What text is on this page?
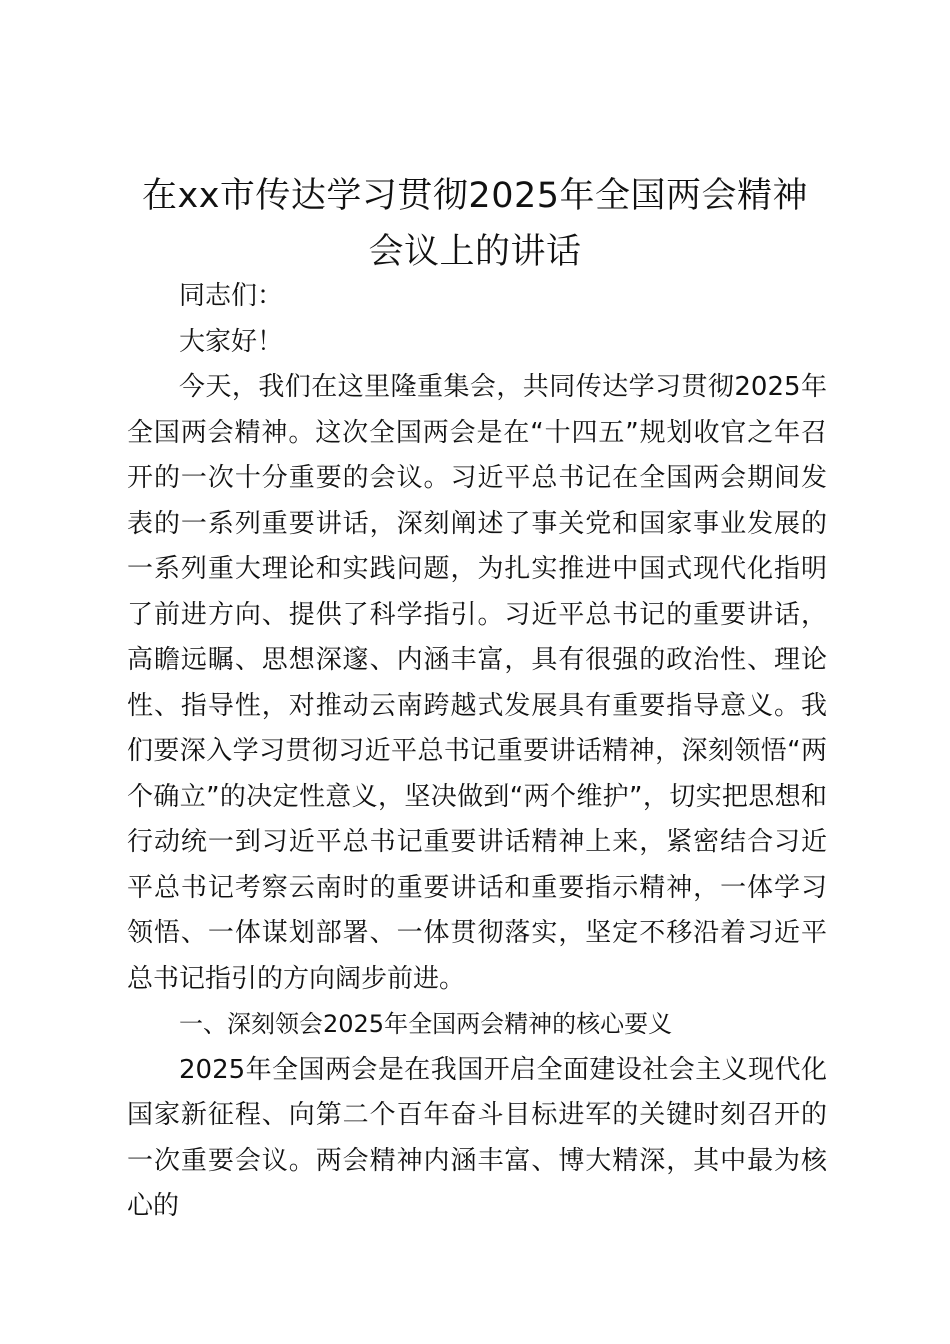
在xx市传达学习贯彻2025年全国两会精神
会议上的讲话

同志们：

大家好！

今天，我们在这里隆重集会，共同传达学习贯彻2025年全国两会精神。这次全国两会是在“十四五”规划收官之年召开的一次十分重要的会议。习近平总书记在全国两会期间发表的一系列重要讲话，深刻阐述了事关党和国家事业发展的一系列重大理论和实践问题，为扎实推进中国式现代化指明了前进方向、提供了科学指引。习近平总书记的重要讲话，高瞻远瞩、思想深邃、内涵丰富，具有很强的政治性、理论性、指导性，对推动云南跨越式发展具有重要指导意义。我们要深入学习贯彻习近平总书记重要讲话精神，深刻领悟“两个确立”的决定性意义，坚决做到“两个维护”，切实把思想和行动统一到习近平总书记重要讲话精神上来，紧密结合习近平总书记考察云南时的重要讲话和重要指示精神，一体学习领悟、一体谋划部署、一体贯彻落实，坚定不移沿着习近平总书记指引的方向阔步前进。

一、深刻领会2025年全国两会精神的核心要义

2025年全国两会是在我国开启全面建设社会主义现代化国家新征程、向第二个百年奋斗目标进军的关键时刻召开的一次重要会议。两会精神内涵丰富、博大精深，其中最为核心的
